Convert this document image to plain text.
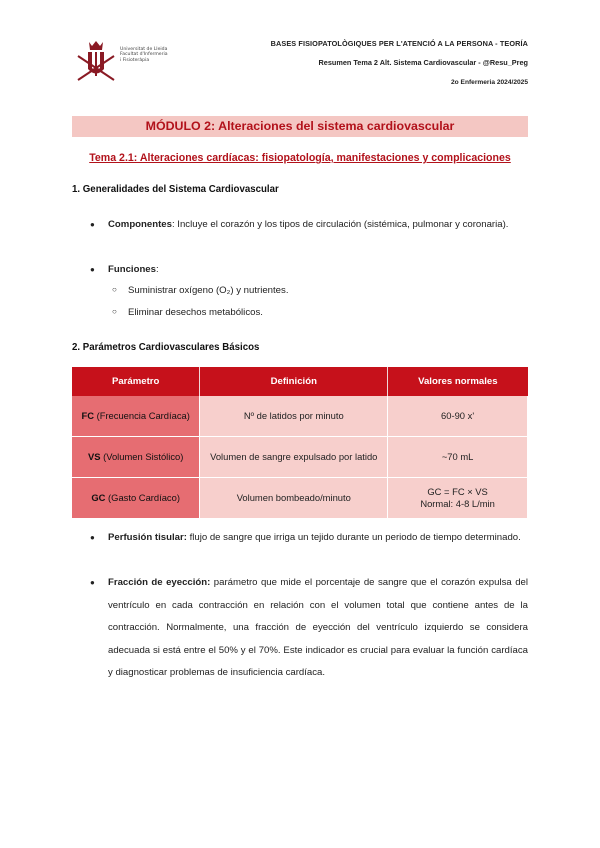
Universitat de Lleida
Facultat d'Infermeria
i Fisioteràpia
BASES FISIOPATOLÒGIQUES PER L'ATENCIÓ A LA PERSONA - TEORÍA
Resumen Tema 2 Alt. Sistema Cardiovascular - @Resu_Preg
2o Enfermeria 2024/2025
MÓDULO 2: Alteraciones del sistema cardiovascular
Tema 2.1: Alteraciones cardíacas: fisiopatología, manifestaciones y complicaciones
1. Generalidades del Sistema Cardiovascular
● Componentes: Incluye el corazón y los tipos de circulación (sistémica, pulmonar y coronaria).
● Funciones:
○ Suministrar oxígeno (O₂) y nutrientes.
○ Eliminar desechos metabólicos.
2. Parámetros Cardiovasculares Básicos
Parámetro	Definición	Valores normales
FC (Frecuencia Cardíaca)	Nº de latidos por minuto	60-90 x'

VS (Volumen Sistólico)	Volumen de sangre expulsado por latido	~70 mL

GC (Gasto Cardíaco)	Volumen bombeado/minuto	GC = FC × VS
Normal: 4-8 L/min
● Perfusión tisular: flujo de sangre que irriga un tejido durante un periodo de tiempo determinado.
● Fracción de eyección: parámetro que mide el porcentaje de sangre que el corazón expulsa del ventrículo en cada contracción en relación con el volumen total que contiene antes de la contracción. Normalmente, una fracción de eyección del ventrículo izquierdo se considera adecuada si está entre el 50% y el 70%. Este indicador es crucial para evaluar la función cardíaca y diagnosticar problemas de insuficiencia cardíaca.
